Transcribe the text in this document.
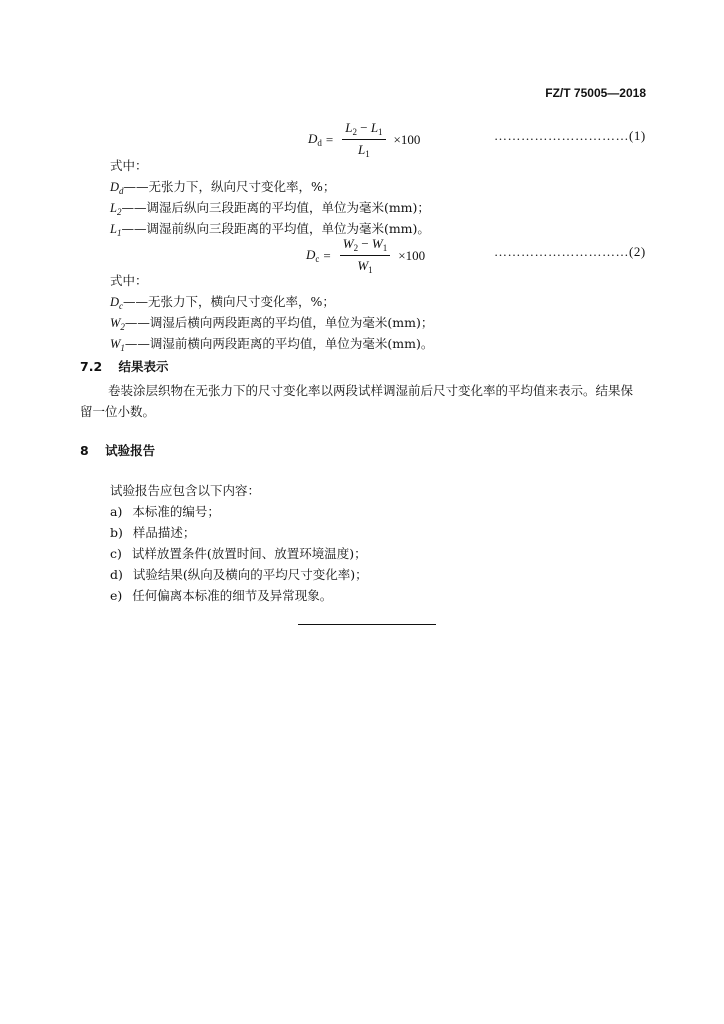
FZ/T 75005—2018
$D_d = \frac{L_2 - L_1}{L_1} \times 100$	…………………………(1)
式中：
$D_d——$无张力下，纵向尺寸变化率，%；
$L_2——$调湿后纵向三段距离的平均值，单位为毫米(mm)；
$L_1——$调湿前纵向三段距离的平均值，单位为毫米(mm)。
$D_c = \frac{W_2 - W_1}{W_1} \times 100$	…………………………(2)
式中：
$D_c——$无张力下，横向尺寸变化率，%；
$W_2——$调湿后横向两段距离的平均值，单位为毫米(mm)；
$W_1——$调湿前横向两段距离的平均值，单位为毫米(mm)。
7.2 结果表示
卷装涂层织物在无张力下的尺寸变化率以两段试样调湿前后尺寸变化率的平均值来表示。结果保留一位小数。
8 试验报告
试验报告应包含以下内容：
a) 本标准的编号；
b) 样品描述；
c) 试样放置条件(放置时间、放置环境温度)；
d) 试验结果(纵向及横向的平均尺寸变化率)；
e) 任何偏离本标准的细节及异常现象。
